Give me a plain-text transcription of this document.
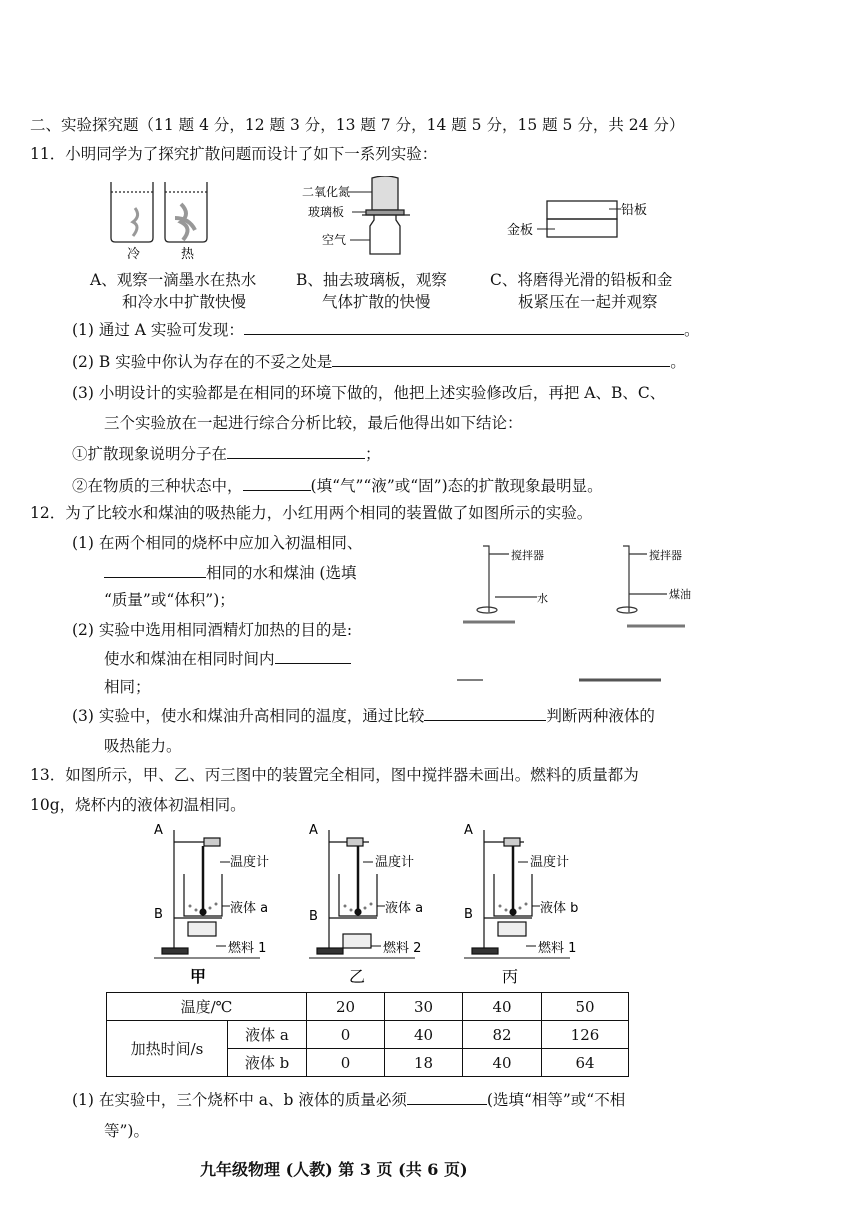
二、实验探究题（11 题 4 分，12 题 3 分，13 题 7 分，14 题 5 分，15 题 5 分，共 24 分）
11．小明同学为了探究扩散问题而设计了如下一系列实验：
冷	热
二氧化氮
玻璃板
空气
铅板
金板
A、观察一滴墨水在热水
和冷水中扩散快慢
B、抽去玻璃板，观察
气体扩散的快慢
C、将磨得光滑的铅板和金
板紧压在一起并观察
(1) 通过 A 实验可发现：	。
(2) B 实验中你认为存在的不妥之处是	。
(3) 小明设计的实验都是在相同的环境下做的，他把上述实验修改后，再把 A、B、C、
三个实验放在一起进行综合分析比较，最后他得出如下结论：
①扩散现象说明分子在	；
②在物质的三种状态中，	(填“气”“液”或“固”)态的扩散现象最明显。
12．为了比较水和煤油的吸热能力，小红用两个相同的装置做了如图所示的实验。
(1) 在两个相同的烧杯中应加入初温相同、
相同的水和煤油 (选填
“质量”或“体积”)；
(2) 实验中选用相同酒精灯加热的目的是:
使水和煤油在相同时间内
相同；
(3) 实验中，使水和煤油升高相同的温度，通过比较	判断两种液体的
吸热能力。
搅拌器
水
搅拌器
煤油
13．如图所示，甲、乙、丙三图中的装置完全相同，图中搅拌器未画出。燃料的质量都为
10g，烧杯内的液体初温相同。
A
B
温度计
液体 a
燃料 1
甲
A
B
温度计
液体 a
燃料 2
乙
A
B
温度计
液体 b
燃料 1
丙
温度/℃		20	30	40	50
加热时间/s	液体 a	0	40	82	126
	液体 b	0	18	40	64
(1) 在实验中，三个烧杯中 a、b 液体的质量必须	(选填“相等”或“不相
等”)。
九年级物理 (人教) 第 3 页 (共 6 页)
